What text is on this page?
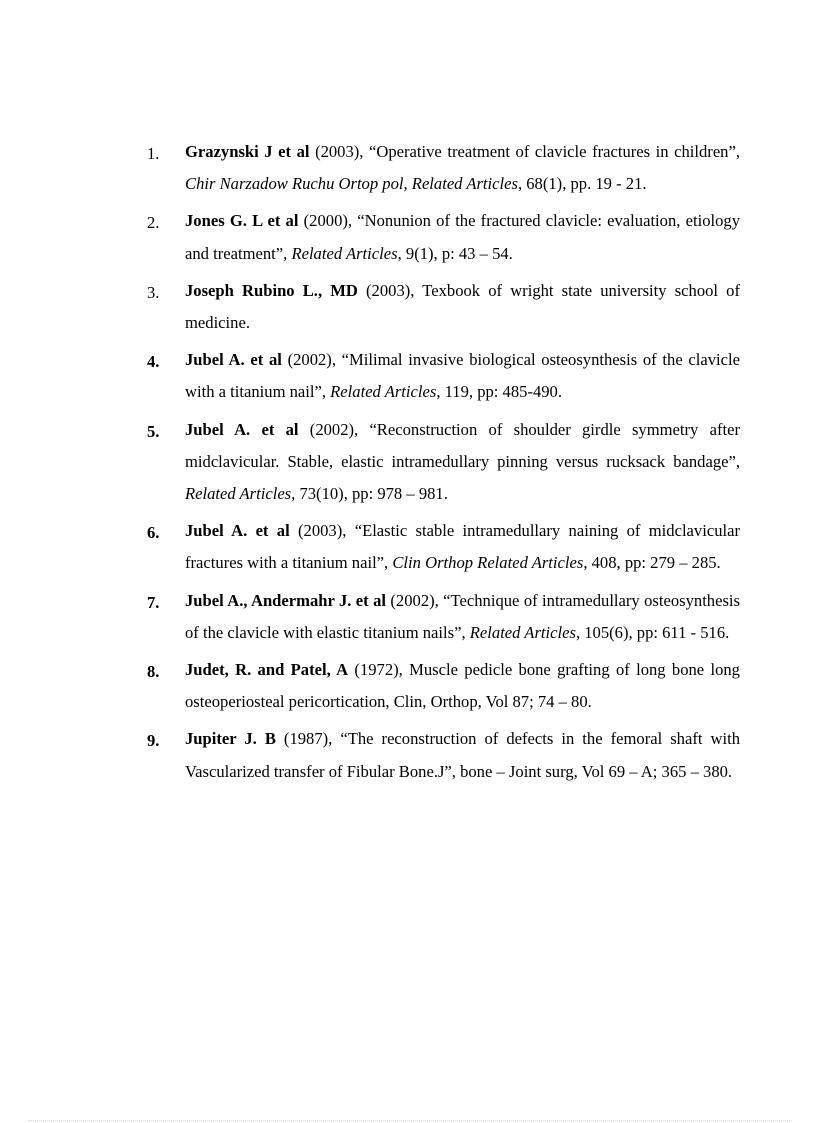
1. Grazynski J et al (2003), “Operative treatment of clavicle fractures in children”, Chir Narzadow Ruchu Ortop pol, Related Articles, 68(1), pp. 19 - 21.
2. Jones G. L et al (2000), “Nonunion of the fractured clavicle: evaluation, etiology and treatment”, Related Articles, 9(1), p: 43 – 54.
3. Joseph Rubino L., MD (2003), Texbook of wright state university school of medicine.
4. Jubel A. et al (2002), “Milimal invasive biological osteosynthesis of the clavicle with a titanium nail”, Related Articles, 119, pp: 485-490.
5. Jubel A. et al (2002), “Reconstruction of shoulder girdle symmetry after midclavicular. Stable, elastic intramedullary pinning versus rucksack bandage”, Related Articles, 73(10), pp: 978 – 981.
6. Jubel A. et al (2003), “Elastic stable intramedullary naining of midclavicular fractures with a titanium nail”, Clin Orthop Related Articles, 408, pp: 279 – 285.
7. Jubel A., Andermahr J. et al (2002), “Technique of intramedullary osteosynthesis of the clavicle with elastic titanium nails”, Related Articles, 105(6), pp: 611 - 516.
8. Judet, R. and Patel, A (1972), Muscle pedicle bone grafting of long bone long osteoperiosteal pericortication, Clin, Orthop, Vol 87; 74 – 80.
9. Jupiter J. B (1987), “The reconstruction of defects in the femoral shaft with Vascularized transfer of Fibular Bone.J”, bone – Joint surg, Vol 69 – A; 365 – 380.
